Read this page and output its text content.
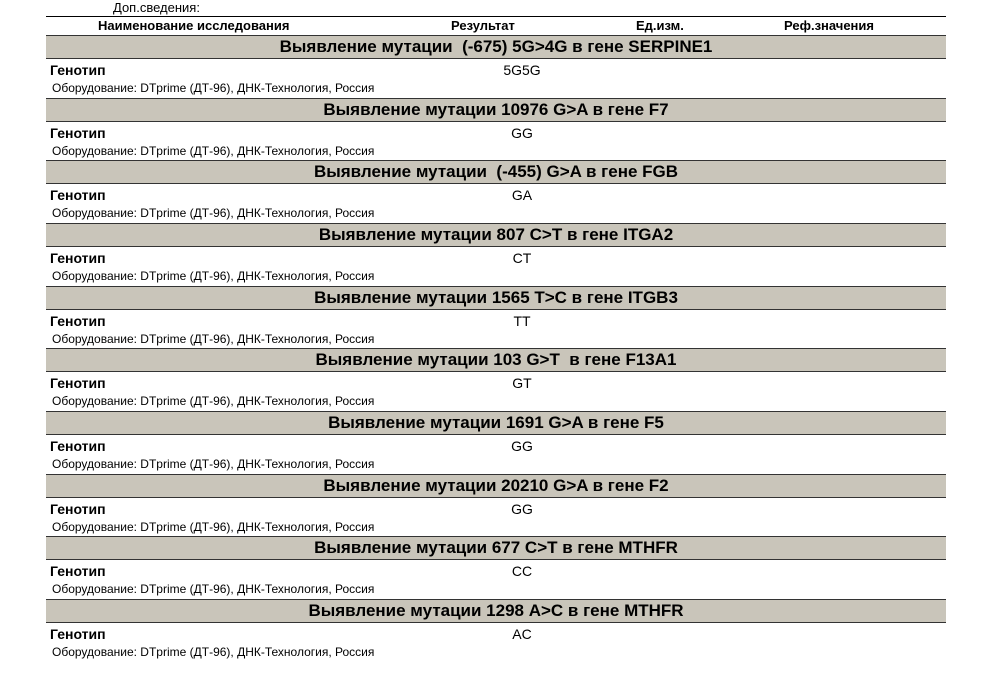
Доп.сведения:
Наименование исследования	Результат	Ед.изм.	Реф.значения
Выявление мутации  (-675) 5G>4G в гене SERPINE1
Генотип	5G5G
Оборудование: DTprime (ДТ-96), ДНК-Технология, Россия
Выявление мутации 10976 G>A в гене F7
Генотип	GG
Оборудование: DTprime (ДТ-96), ДНК-Технология, Россия
Выявление мутации  (-455) G>A в гене FGB
Генотип	GA
Оборудование: DTprime (ДТ-96), ДНК-Технология, Россия
Выявление мутации 807 C>T в гене ITGA2
Генотип	CT
Оборудование: DTprime (ДТ-96), ДНК-Технология, Россия
Выявление мутации 1565 T>C в гене ITGB3
Генотип	TT
Оборудование: DTprime (ДТ-96), ДНК-Технология, Россия
Выявление мутации 103 G>T  в гене F13A1
Генотип	GT
Оборудование: DTprime (ДТ-96), ДНК-Технология, Россия
Выявление мутации 1691 G>A в гене F5
Генотип	GG
Оборудование: DTprime (ДТ-96), ДНК-Технология, Россия
Выявление мутации 20210 G>A в гене F2
Генотип	GG
Оборудование: DTprime (ДТ-96), ДНК-Технология, Россия
Выявление мутации 677 C>T в гене MTHFR
Генотип	CC
Оборудование: DTprime (ДТ-96), ДНК-Технология, Россия
Выявление мутации 1298 A>C в гене MTHFR
Генотип	AC
Оборудование: DTprime (ДТ-96), ДНК-Технология, Россия
